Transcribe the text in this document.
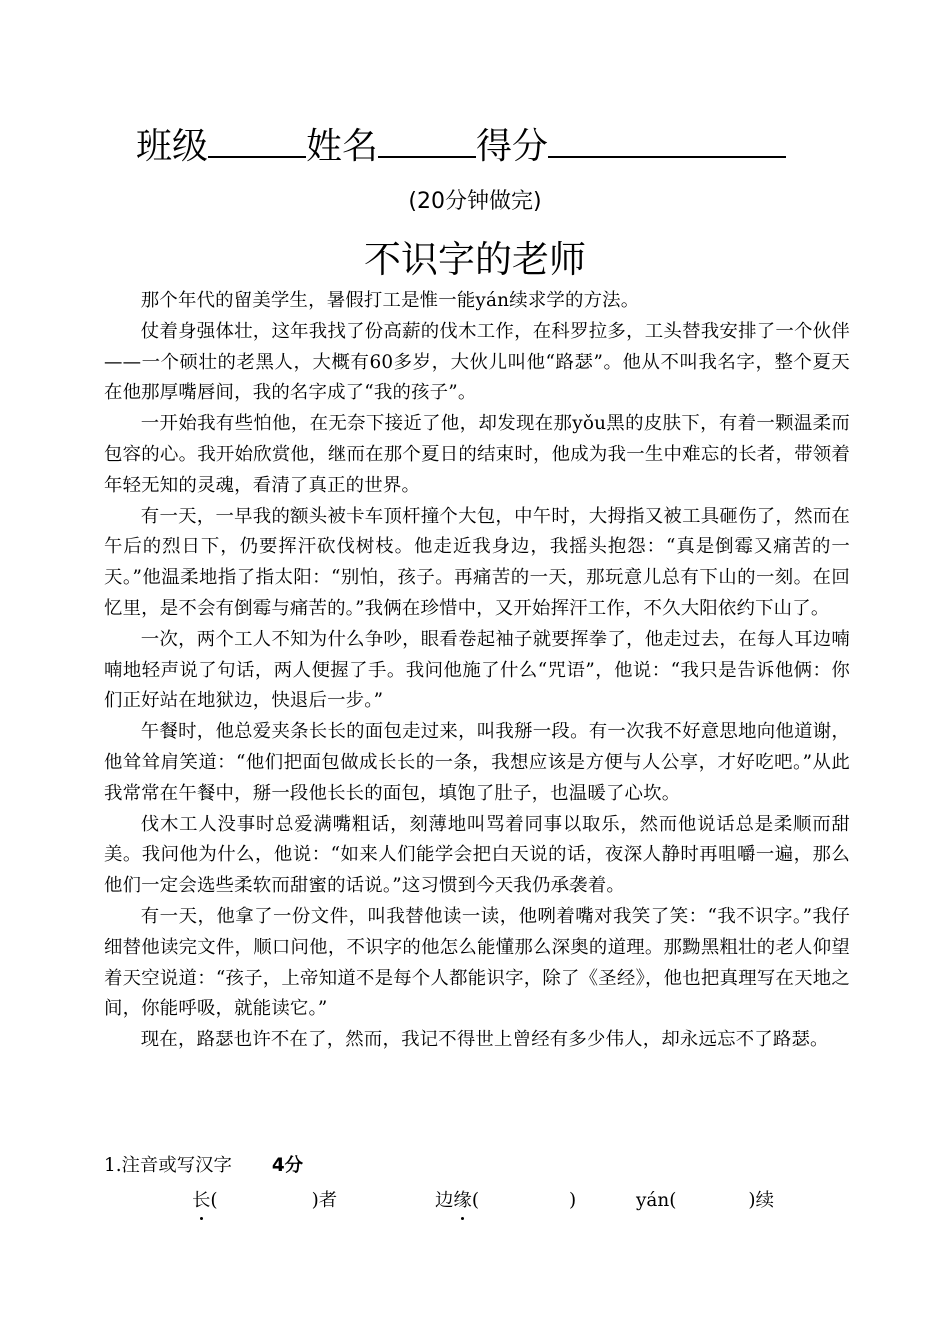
班级	姓名	得分
(20分钟做完)
不识字的老师

那个年代的留美学生，暑假打工是惟一能yán续求学的方法。

仗着身强体壮，这年我找了份高薪的伐木工作，在科罗拉多，工头替我安排了一个伙伴——一个硕壮的老黑人，大概有60多岁，大伙儿叫他“路瑟”。他从不叫我名字，整个夏天在他那厚嘴唇间，我的名字成了“我的孩子”。

一开始我有些怕他，在无奈下接近了他，却发现在那yǒu黑的皮肤下，有着一颗温柔而包容的心。我开始欣赏他，继而在那个夏日的结束时，他成为我一生中难忘的长者，带领着年轻无知的灵魂，看清了真正的世界。

有一天，一早我的额头被卡车顶杆撞个大包，中午时，大拇指又被工具砸伤了，然而在午后的烈日下，仍要挥汗砍伐树枝。他走近我身边，我摇头抱怨：“真是倒霉又痛苦的一天。”他温柔地指了指太阳：“别怕，孩子。再痛苦的一天，那玩意儿总有下山的一刻。在回忆里，是不会有倒霉与痛苦的。”我俩在珍惜中，又开始挥汗工作，不久大阳依约下山了。

一次，两个工人不知为什么争吵，眼看卷起袖子就要挥拳了，他走过去，在每人耳边喃喃地轻声说了句话，两人便握了手。我问他施了什么“咒语”，他说：“我只是告诉他俩：你们正好站在地狱边，快退后一步。”

午餐时，他总爱夹条长长的面包走过来，叫我掰一段。有一次我不好意思地向他道谢，他耸耸肩笑道：“他们把面包做成长长的一条，我想应该是方便与人公享，才好吃吧。”从此　我常常在午餐中，掰一段他长长的面包，填饱了肚子，也温暖了心坎。

伐木工人没事时总爱满嘴粗话，刻薄地叫骂着同事以取乐，然而他说话总是柔顺而甜美。我问他为什么，他说：“如来人们能学会把白天说的话，夜深人静时再咀嚼一遍，那么他们一定会选些柔软而甜蜜的话说。”这习惯到今天我仍承袭着。

有一天，他拿了一份文件，叫我替他读一读，他咧着嘴对我笑了笑：“我不识字。”我仔细替他读完文件，顺口问他，不识字的他怎么能懂那么深奥的道理。那黝黑粗壮的老人仰望着天空说道：“孩子，上帝知道不是每个人都能识字，除了《圣经》，他也把真理写在天地之间，你能呼吸，就能读它。”

现在，路瑟也许不在了，然而，我记不得世上曾经有多少伟人，却永远忘不了路瑟。

1.注音或写汉字 4分
长(	)者	边缘(	)	yán(	)续
